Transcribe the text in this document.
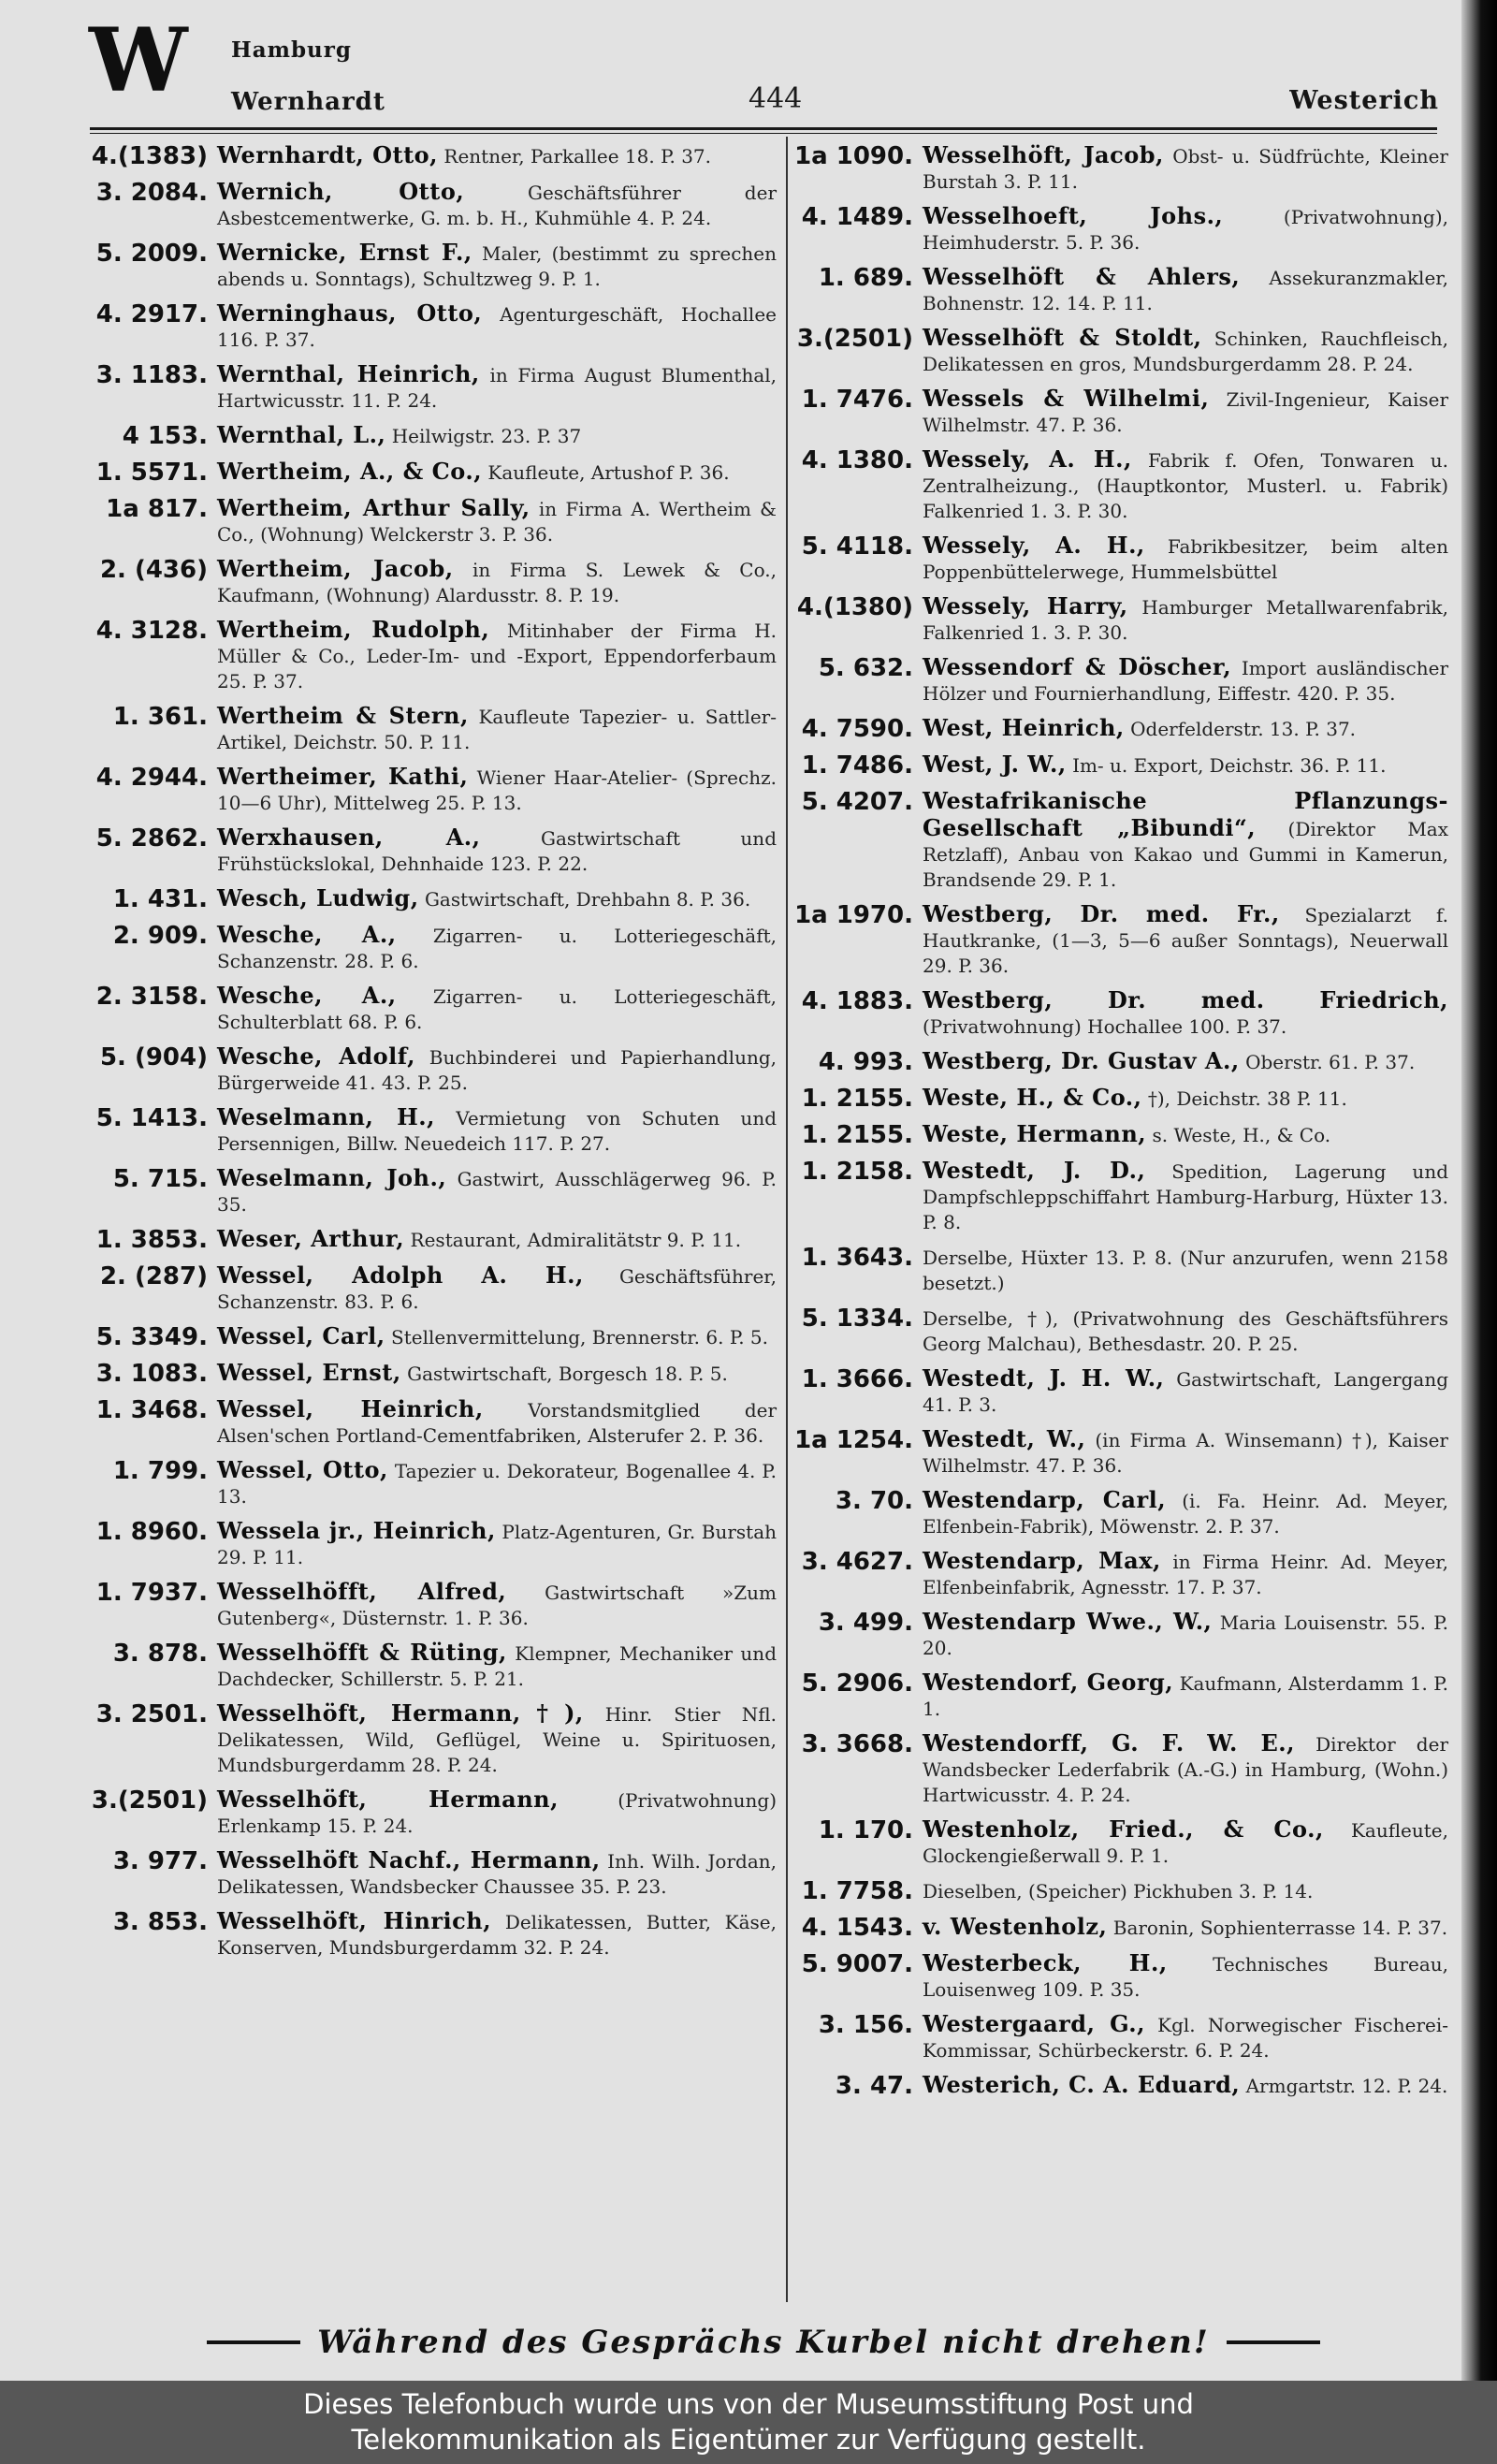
W Hamburg
Wernhardt	444	Westerich
4.(1383) Wernhardt, Otto, Rentner, Parkallee 18. P. 37.
3. 2084. Wernich, Otto,	Geschäftsführer der Asbestcementwerke, G. m. b. H., Kuhmühle 4. P. 24.
5. 2009. Wernicke, Ernst F., Maler, (bestimmt zu sprechen abends u. Sonntags), Schultzweg 9. P. 1.
4. 2917. Werninghaus, Otto, Agenturgeschäft, Hochallee 116. P. 37.
3. 1183. Wernthal, Heinrich, in Firma August Blumenthal, Hartwicusstr. 11. P. 24.
4 153. Wernthal, L., Heilwigstr. 23. P. 37
1. 5571. Wertheim, A., & Co., Kaufleute, Artushof P. 36.
1a 817. Wertheim, Arthur Sally, in Firma A. Wertheim & Co., (Wohnung) Welckerstr 3. P. 36.
2. (436) Wertheim, Jacob, in Firma S. Lewek & Co., Kaufmann, (Wohnung) Alardusstr. 8. P. 19.
4. 3128. Wertheim, Rudolph, Mitinhaber der Firma H. Müller & Co., Leder-Im- und -Export, Eppendorferbaum 25. P. 37.
1. 361. Wertheim & Stern, Kaufleute Tapezier- u. Sattler-Artikel, Deichstr. 50. P. 11.
4. 2944. Wertheimer, Kathi, Wiener Haar-Atelier- (Sprechz. 10—6 Uhr), Mittelweg 25. P. 13.
5. 2862. Werxhausen, A.,	Gastwirtschaft und Frühstückslokal, Dehnhaide 123. P. 22.
1. 431. Wesch, Ludwig, Gastwirtschaft, Drehbahn 8. P. 36.
2. 909. Wesche, A., Zigarren- u. Lotteriegeschäft, Schanzenstr. 28. P. 6.
2. 3158. Wesche, A., Zigarren- u. Lotteriegeschäft, Schulterblatt 68. P. 6.
5. (904) Wesche, Adolf, Buchbinderei und Papierhandlung, Bürgerweide 41. 43. P. 25.
5. 1413. Weselmann, H., Vermietung von Schuten und Persennigen, Billw. Neuedeich 117. P. 27.
5. 715. Weselmann, Joh., Gastwirt, Ausschlägerweg 96. P. 35.
1. 3853. Weser, Arthur, Restaurant, Admiralitätstr 9. P. 11.
2. (287) Wessel, Adolph A. H., Geschäftsführer, Schanzenstr. 83. P. 6.
5. 3349. Wessel, Carl, Stellenvermittelung, Brennerstr. 6. P. 5.
3. 1083. Wessel, Ernst, Gastwirtschaft, Borgesch 18. P. 5.
1. 3468. Wessel, Heinrich, Vorstandsmitglied der Alsen'schen Portland-Cementfabriken, Alsterufer 2. P. 36.
1. 799. Wessel, Otto, Tapezier u. Dekorateur, Bogenallee 4. P. 13.
1. 8960. Wessela jr., Heinrich, Platz-Agenturen, Gr. Burstah 29. P. 11.
1. 7937. Wesselhöfft, Alfred, Gastwirtschaft »Zum Gutenberg«, Düsternstr. 1. P. 36.
3. 878. Wesselhöfft & Rüting, Klempner, Mechaniker und Dachdecker, Schillerstr. 5. P. 21.
3. 2501. Wesselhöft, Hermann,†), Hinr. Stier Nfl. Delikatessen, Wild, Geflügel, Weine u. Spirituosen, Mundsburgerdamm 28. P. 24.
3.(2501) Wesselhöft, Hermann,	(Privatwohnung) Erlenkamp 15. P. 24.
3. 977. Wesselhöft Nachf., Hermann, Inh. Wilh. Jordan, Delikatessen, Wandsbecker Chaussee 35. P. 23.
3. 853. Wesselhöft, Hinrich, Delikatessen, Butter, Käse, Konserven, Mundsburgerdamm 32. P. 24.
1a 1090. Wesselhöft, Jacob, Obst- u. Südfrüchte, Kleiner Burstah 3. P. 11.
4. 1489. Wesselhoeft, Johs.,	(Privatwohnung), Heimhuderstr. 5. P. 36.
1. 689. Wesselhöft & Ahlers, Assekuranzmakler, Bohnenstr. 12. 14. P. 11.
3.(2501) Wesselhöft & Stoldt, Schinken, Rauchfleisch, Delikatessen en gros, Mundsburgerdamm 28. P. 24.
1. 7476. Wessels & Wilhelmi, Zivil-Ingenieur, Kaiser Wilhelmstr. 47. P. 36.
4. 1380. Wessely, A. H., Fabrik f. Ofen, Tonwaren u. Zentralheizung., (Hauptkontor, Musterl. u. Fabrik) Falkenried 1. 3. P. 30.
5. 4118. Wessely, A. H., Fabrikbesitzer, beim alten Poppenbüttelerwege, Hummelsbüttel
4.(1380) Wessely, Harry, Hamburger Metallwarenfabrik, Falkenried 1. 3. P. 30.
5. 632. Wessendorf & Döscher, Import ausländischer Hölzer und Fournierhandlung, Eiffestr. 420. P. 35.
4. 7590. West, Heinrich, Oderfelderstr. 13. P. 37.
1. 7486. West, J. W., Im- u. Export, Deichstr. 36. P. 11.
5. 4207. Westafrikanische Pflanzungs-Gesellschaft „Bibundi“, (Direktor Max Retzlaff), Anbau von Kakao und Gummi in Kamerun, Brandsende 29. P. 1.
1a 1970. Westberg, Dr. med. Fr., Spezialarzt f. Hautkranke, (1—3, 5—6 außer Sonntags), Neuerwall 29. P. 36.
4. 1883. Westberg, Dr. med. Friedrich, (Privatwohnung) Hochallee 100. P. 37.
4. 993. Westberg, Dr. Gustav A., Oberstr. 61. P. 37.
1. 2155. Weste, H., & Co., †), Deichstr. 38 P. 11.
1. 2155. Weste, Hermann, s. Weste, H., & Co.
1. 2158. Westedt, J. D., Spedition, Lagerung und Dampfschleppschiffahrt Hamburg-Harburg, Hüxter 13. P. 8.
1. 3643. Derselbe, Hüxter 13. P. 8. (Nur anzurufen, wenn 2158 besetzt.)
5. 1334. Derselbe, †), (Privatwohnung des Geschäftsführers Georg Malchau), Bethesdastr. 20. P. 25.
1. 3666. Westedt, J. H. W., Gastwirtschaft, Langergang 41. P. 3.
1a 1254. Westedt, W., (in Firma A. Winsemann) †), Kaiser Wilhelmstr. 47. P. 36.
3. 70. Westendarp, Carl, (i. Fa. Heinr. Ad. Meyer, Elfenbein-Fabrik), Möwenstr. 2. P. 37.
3. 4627. Westendarp, Max, in Firma Heinr. Ad. Meyer, Elfenbeinfabrik, Agnesstr. 17. P. 37.
3. 499. Westendarp Wwe., W., Maria Louisenstr. 55. P. 20.
5. 2906. Westendorf, Georg, Kaufmann, Alsterdamm 1. P. 1.
3. 3668. Westendorff, G. F. W. E., Direktor der Wandsbecker Lederfabrik (A.-G.) in Hamburg, (Wohn.) Hartwicusstr. 4. P. 24.
1. 170. Westenholz, Fried., & Co., Kaufleute, Glockengießerwall 9. P. 1.
1. 7758. Dieselben, (Speicher) Pickhuben 3. P. 14.
4. 1543. v. Westenholz, Baronin, Sophienterrasse 14. P. 37.
5. 9007. Westerbeck, H., Technisches Bureau, Louisenweg 109. P. 35.
3. 156. Westergaard, G., Kgl. Norwegischer Fischerei-Kommissar, Schürbeckerstr. 6. P. 24.
3. 47. Westerich, C. A. Eduard, Armgartstr. 12. P. 24.
Während des Gesprächs Kurbel nicht drehen!
Dieses Telefonbuch wurde uns von der Museumsstiftung Post und
Telekommunikation als Eigentümer zur Verfügung gestellt.
